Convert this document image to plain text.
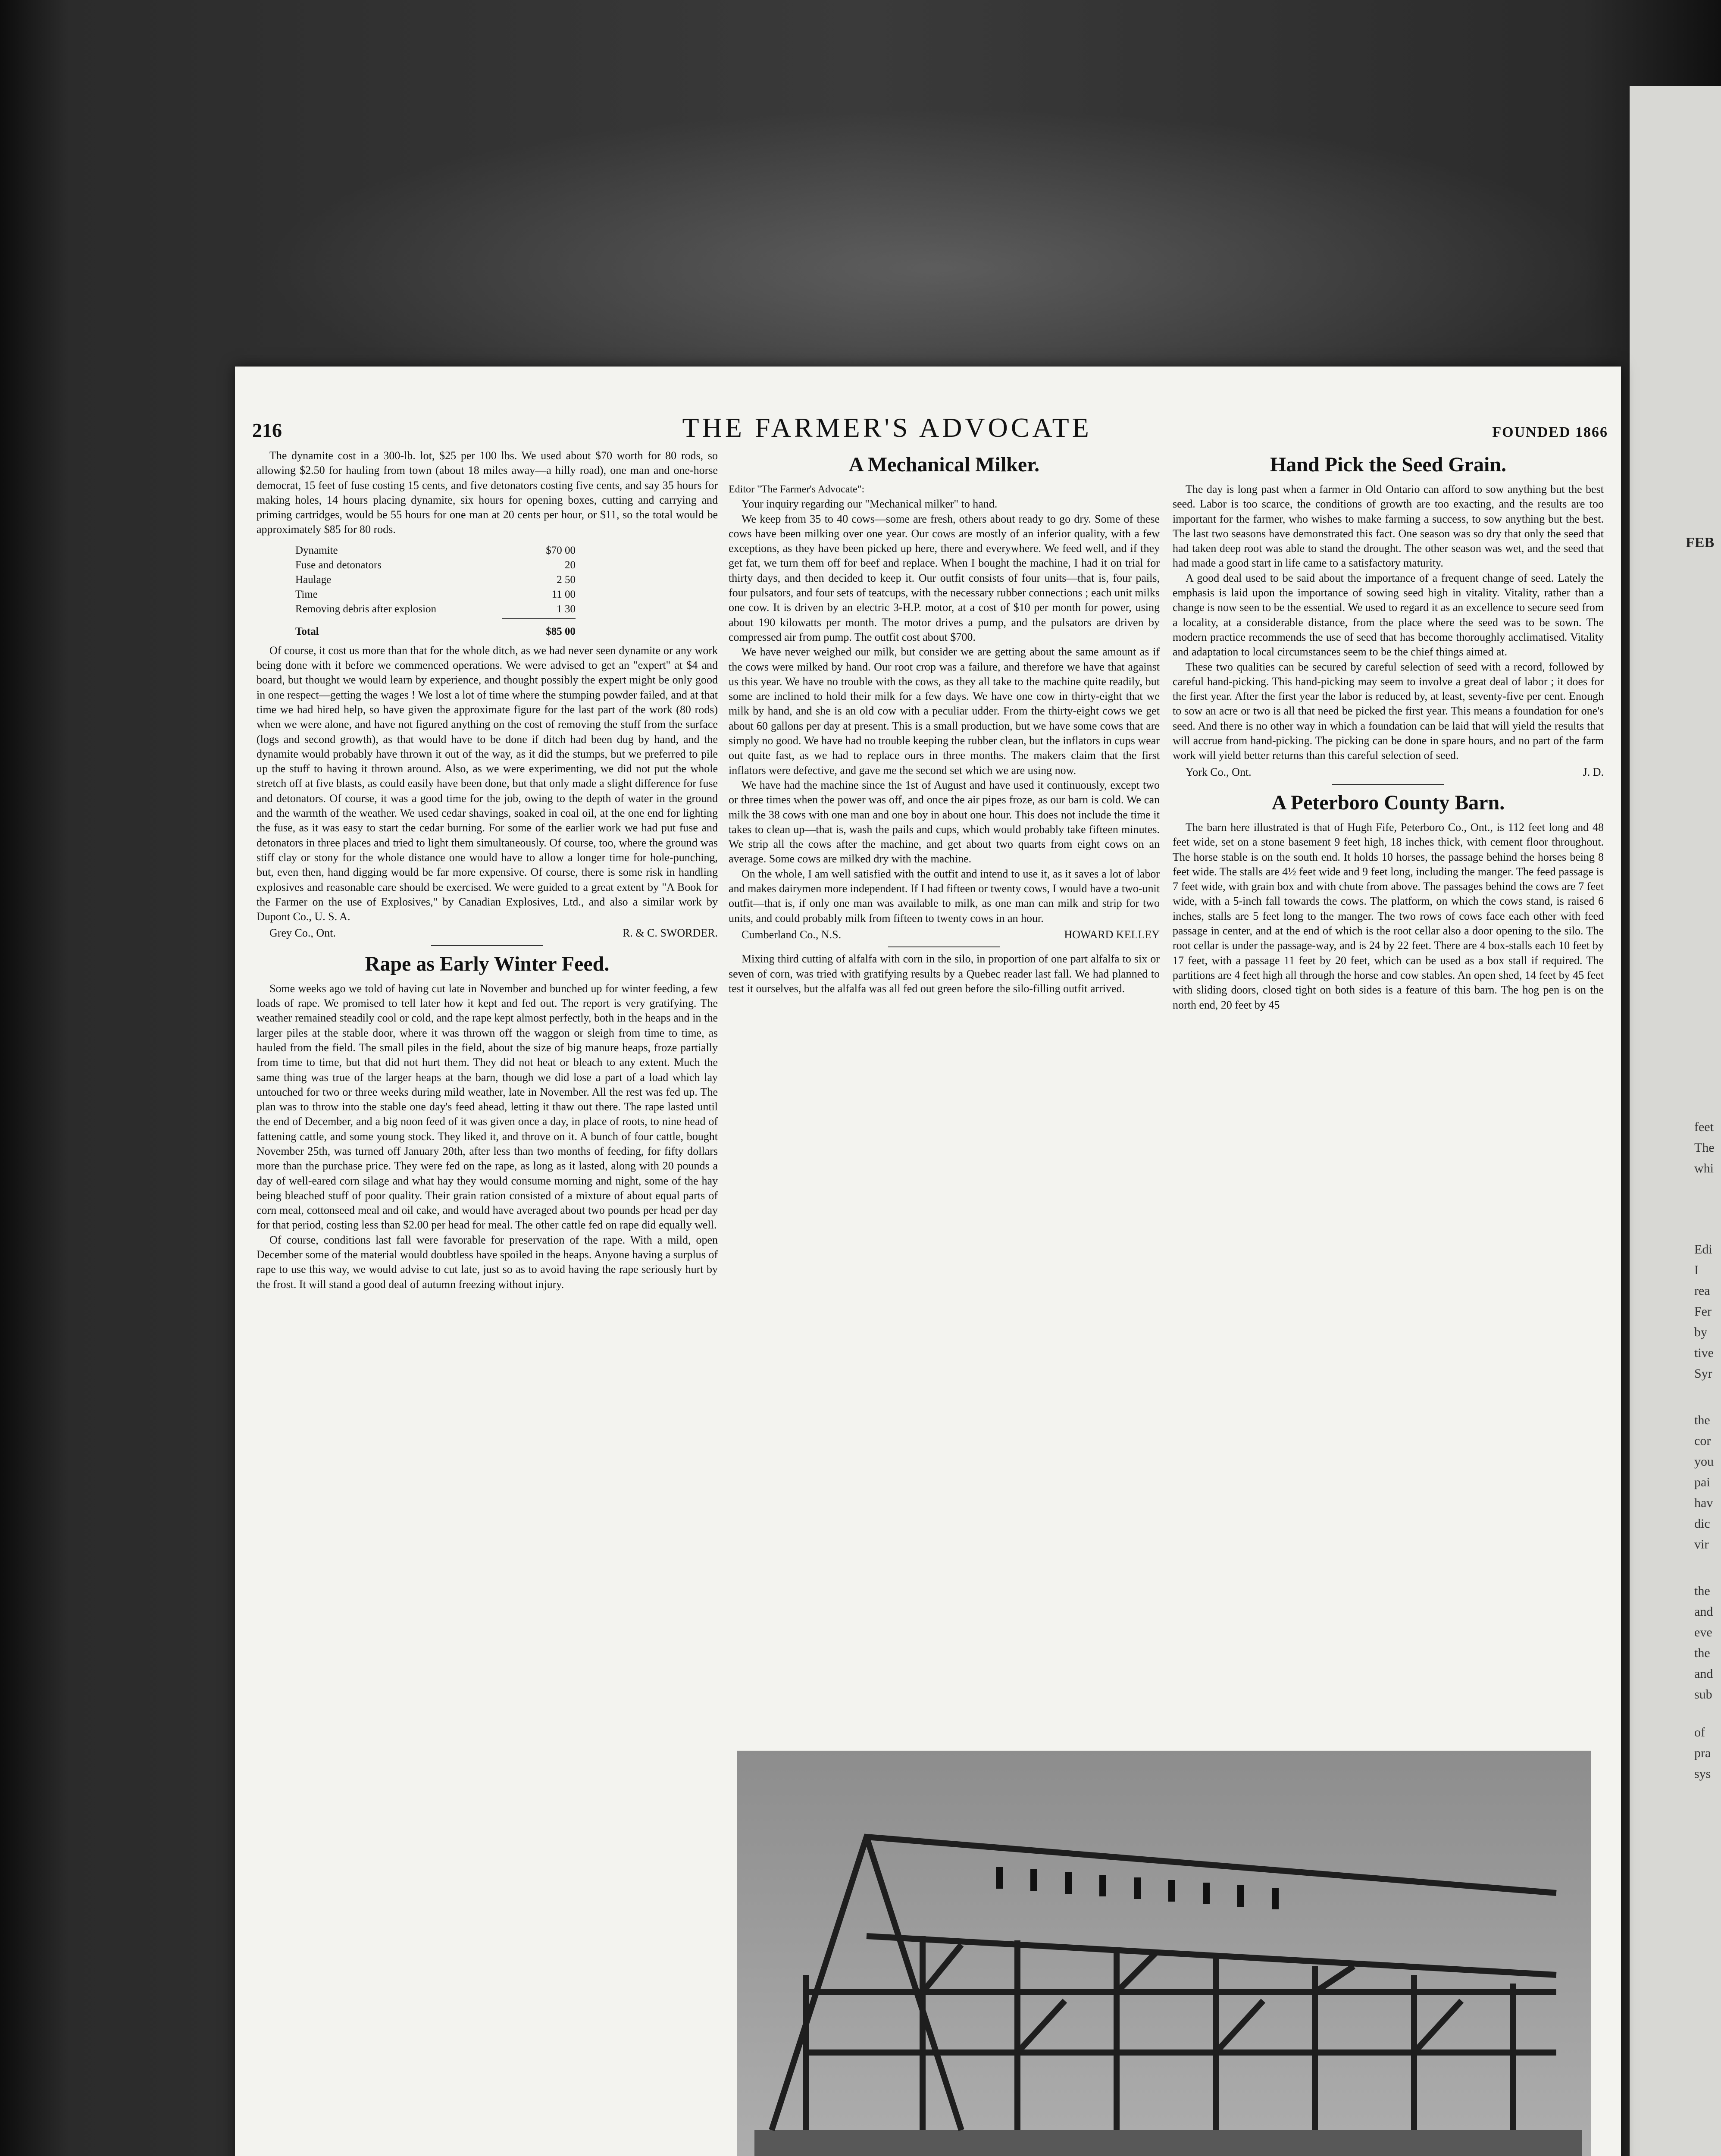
FEB
feet
The
whi
Edi
I
rea
Fer
by
tive
Syr
the
cor
you
pai
hav
dic
vir
the
and
eve
the
and
sub
of
pra
sys
216	THE FARMER'S ADVOCATE	FOUNDED 1866

The dynamite cost in a 300-lb. lot, $25 per 100 lbs. We used about $70 worth for 80 rods, so allowing $2.50 for hauling from town (about 18 miles away—a hilly road), one man and one-horse democrat, 15 feet of fuse costing 15 cents, and five detonators costing five cents, and say 35 hours for making holes, 14 hours placing dynamite, six hours for opening boxes, cutting and carrying and priming cartridges, would be 55 hours for one man at 20 cents per hour, or $11, so the total would be approximately $85 for 80 rods.

Dynamite	$70 00
Fuse and detonators	20
Haulage	2 50
Time	11 00
Removing debris after explosion	1 30
Total	$85 00

Of course, it cost us more than that for the whole ditch, as we had never seen dynamite or any work being done with it before we commenced operations. We were advised to get an "expert" at $4 and board, but thought we would learn by experience, and thought possibly the expert might be only good in one respect—getting the wages ! We lost a lot of time where the stumping powder failed, and at that time we had hired help, so have given the approximate figure for the last part of the work (80 rods) when we were alone, and have not figured anything on the cost of removing the stuff from the surface (logs and second growth), as that would have to be done if ditch had been dug by hand, and the dynamite would probably have thrown it out of the way, as it did the stumps, but we preferred to pile up the stuff to having it thrown around. Also, as we were experimenting, we did not put the whole stretch off at five blasts, as could easily have been done, but that only made a slight difference for fuse and detonators. Of course, it was a good time for the job, owing to the depth of water in the ground and the warmth of the weather. We used cedar shavings, soaked in coal oil, at the one end for lighting the fuse, as it was easy to start the cedar burning. For some of the earlier work we had put fuse and detonators in three places and tried to light them simultaneously. Of course, too, where the ground was stiff clay or stony for the whole distance one would have to allow a longer time for hole-punching, but, even then, hand digging would be far more expensive. Of course, there is some risk in handling explosives and reasonable care should be exercised. We were guided to a great extent by "A Book for the Farmer on the use of Explosives," by Canadian Explosives, Ltd., and also a similar work by Dupont Co., U. S. A.

Grey Co., Ont.	R. & C. SWORDER.
Rape as Early Winter Feed.

Some weeks ago we told of having cut late in November and bunched up for winter feeding, a few loads of rape. We promised to tell later how it kept and fed out. The report is very gratifying. The weather remained steadily cool or cold, and the rape kept almost perfectly, both in the heaps and in the larger piles at the stable door, where it was thrown off the waggon or sleigh from time to time, as hauled from the field. The small piles in the field, about the size of big manure heaps, froze partially from time to time, but that did not hurt them. They did not heat or bleach to any extent. Much the same thing was true of the larger heaps at the barn, though we did lose a part of a load which lay untouched for two or three weeks during mild weather, late in November. All the rest was fed up. The plan was to throw into the stable one day's feed ahead, letting it thaw out there. The rape lasted until the end of December, and a big noon feed of it was given once a day, in place of roots, to nine head of fattening cattle, and some young stock. They liked it, and throve on it. A bunch of four cattle, bought November 25th, was turned off January 20th, after less than two months of feeding, for fifty dollars more than the purchase price. They were fed on the rape, as long as it lasted, along with 20 pounds a day of well-eared corn silage and what hay they would consume morning and night, some of the hay being bleached stuff of poor quality. Their grain ration consisted of a mixture of about equal parts of corn meal, cottonseed meal and oil cake, and would have averaged about two pounds per head per day for that period, costing less than $2.00 per head for meal. The other cattle fed on rape did equally well.

Of course, conditions last fall were favorable for preservation of the rape. With a mild, open December some of the material would doubtless have spoiled in the heaps. Anyone having a surplus of rape to use this way, we would advise to cut late, just so as to avoid having the rape seriously hurt by the frost. It will stand a good deal of autumn freezing without injury.

A Mechanical Milker.

Editor "The Farmer's Advocate":

Your inquiry regarding our "Mechanical milker" to hand.

We keep from 35 to 40 cows—some are fresh, others about ready to go dry. Some of these cows have been milking over one year. Our cows are mostly of an inferior quality, with a few exceptions, as they have been picked up here, there and everywhere. We feed well, and if they get fat, we turn them off for beef and replace. When I bought the machine, I had it on trial for thirty days, and then decided to keep it. Our outfit consists of four units—that is, four pails, four pulsators, and four sets of teatcups, with the necessary rubber connections ; each unit milks one cow. It is driven by an electric 3-H.P. motor, at a cost of $10 per month for power, using about 190 kilowatts per month. The motor drives a pump, and the pulsators are driven by compressed air from pump. The outfit cost about $700.

We have never weighed our milk, but consider we are getting about the same amount as if the cows were milked by hand. Our root crop was a failure, and therefore we have that against us this year. We have no trouble with the cows, as they all take to the machine quite readily, but some are inclined to hold their milk for a few days. We have one cow in thirty-eight that we milk by hand, and she is an old cow with a peculiar udder. From the thirty-eight cows we get about 60 gallons per day at present. This is a small production, but we have some cows that are simply no good. We have had no trouble keeping the rubber clean, but the inflators in cups wear out quite fast, as we had to replace ours in three months. The makers claim that the first inflators were defective, and gave me the second set which we are using now.

We have had the machine since the 1st of August and have used it continuously, except two or three times when the power was off, and once the air pipes froze, as our barn is cold. We can milk the 38 cows with one man and one boy in about one hour. This does not include the time it takes to clean up—that is, wash the pails and cups, which would probably take fifteen minutes. We strip all the cows after the machine, and get about two quarts from eight cows on an average. Some cows are milked dry with the machine.

On the whole, I am well satisfied with the outfit and intend to use it, as it saves a lot of labor and makes dairymen more independent. If I had fifteen or twenty cows, I would have a two-unit outfit—that is, if only one man was available to milk, as one man can milk and strip for two units, and could probably milk from fifteen to twenty cows in an hour.

Cumberland Co., N.S.	HOWARD KELLEY

Mixing third cutting of alfalfa with corn in the silo, in proportion of one part alfalfa to six or seven of corn, was tried with gratifying results by a Quebec reader last fall. We had planned to test it ourselves, but the alfalfa was all fed out green before the silo-filling outfit arrived.

Hand Pick the Seed Grain.

The day is long past when a farmer in Old Ontario can afford to sow anything but the best seed. Labor is too scarce, the conditions of growth are too exacting, and the results are too important for the farmer, who wishes to make farming a success, to sow anything but the best. The last two seasons have demonstrated this fact. One season was so dry that only the seed that had taken deep root was able to stand the drought. The other season was wet, and the seed that had made a good start in life came to a satisfactory maturity.

A good deal used to be said about the importance of a frequent change of seed. Lately the emphasis is laid upon the importance of sowing seed high in vitality. Vitality, rather than a change is now seen to be the essential. We used to regard it as an excellence to secure seed from a locality, at a considerable distance, from the place where the seed was to be sown. The modern practice recommends the use of seed that has become thoroughly acclimatised. Vitality and adaptation to local circumstances seem to be the chief things aimed at.

These two qualities can be secured by careful selection of seed with a record, followed by careful hand-picking. This hand-picking may seem to involve a great deal of labor ; it does for the first year. After the first year the labor is reduced by, at least, seventy-five per cent. Enough to sow an acre or two is all that need be picked the first year. This means a foundation for one's seed. And there is no other way in which a foundation can be laid that will yield the results that will accrue from hand-picking. The picking can be done in spare hours, and no part of the farm work will yield better returns than this careful selection of seed.

York Co., Ont.	J. D.
A Peterboro County Barn.

The barn here illustrated is that of Hugh Fife, Peterboro Co., Ont., is 112 feet long and 48 feet wide, set on a stone basement 9 feet high, 18 inches thick, with cement floor throughout. The horse stable is on the south end. It holds 10 horses, the passage behind the horses being 8 feet wide. The stalls are 4½ feet wide and 9 feet long, including the manger. The feed passage is 7 feet wide, with grain box and with chute from above. The passages behind the cows are 7 feet wide, with a 5-inch fall towards the cows. The platform, on which the cows stand, is raised 6 inches, stalls are 5 feet long to the manger. The two rows of cows face each other with feed passage in center, and at the end of which is the root cellar also a door opening to the silo. The root cellar is under the passage-way, and is 24 by 22 feet. There are 4 box-stalls each 10 feet by 17 feet, with a passage 11 feet by 20 feet, which can be used as a box stall if required. The partitions are 4 feet high all through the horse and cow stables. An open shed, 14 feet by 45 feet with sliding doors, closed tight on both sides is a feature of this barn. The hog pen is on the north end, 20 feet by 45
